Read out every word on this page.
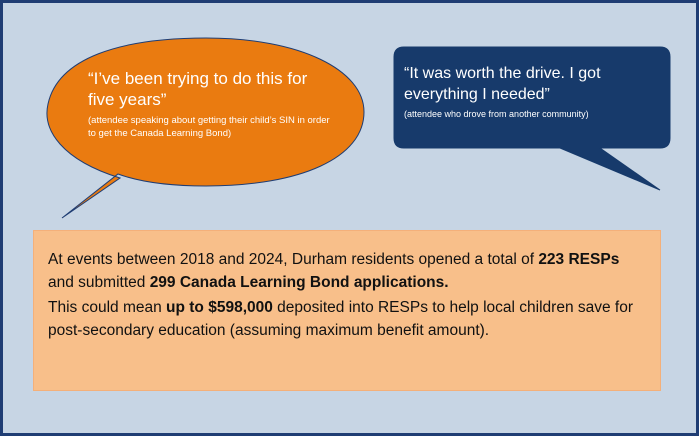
“I’ve been trying to do this for five years”
(attendee speaking about getting their child’s SIN in order to get the Canada Learning Bond)
“It was worth the drive. I got everything I needed”
(attendee who drove from another community)

At events between 2018 and 2024, Durham residents opened a total of 223 RESPs and submitted 299 Canada Learning Bond applications.

This could mean up to $598,000 deposited into RESPs to help local children save for post-secondary education (assuming maximum benefit amount).
